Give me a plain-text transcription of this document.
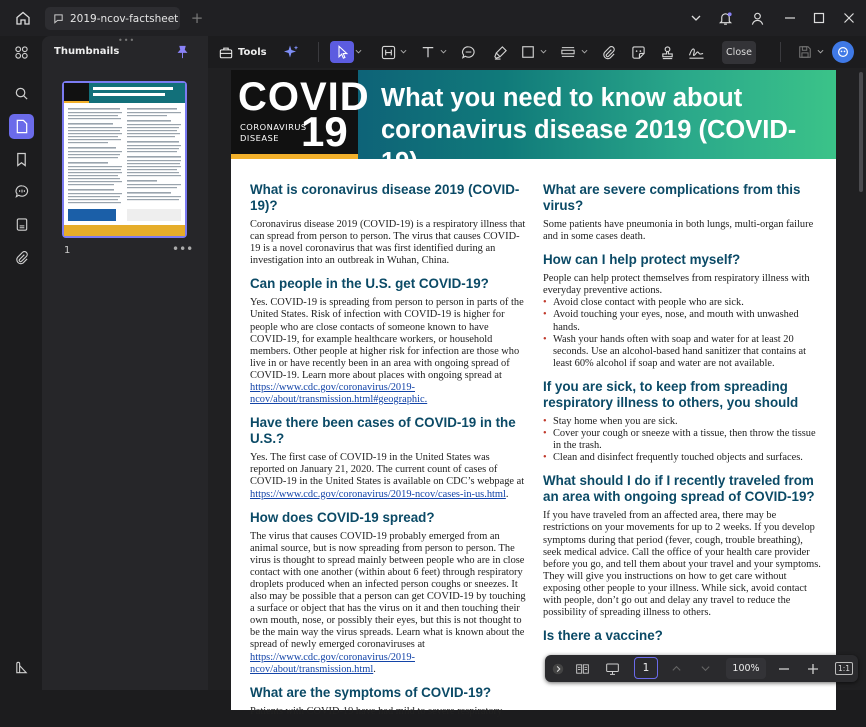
2019-ncov-factsheet +
•••
Thumbnails
1	•••
Tools	Close
COVID
CORONAVIRUS
DISEASE 19
What you need to know about coronavirus disease 2019 (COVID-19)
What is coronavirus disease 2019 (COVID-19)?
Coronavirus disease 2019 (COVID-19) is a respiratory illness that can spread from person to person. The virus that causes COVID-19 is a novel coronavirus that was first identified during an investigation into an outbreak in Wuhan, China.
Can people in the U.S. get COVID-19?
Yes. COVID-19 is spreading from person to person in parts of the United States. Risk of infection with COVID-19 is higher for people who are close contacts of someone known to have COVID-19, for example healthcare workers, or household members. Other people at higher risk for infection are those who live in or have recently been in an area with ongoing spread of COVID-19. Learn more about places with ongoing spread at https://www.cdc.gov/coronavirus/2019-ncov/about/transmission.html#geographic.
Have there been cases of COVID-19 in the U.S.?
Yes. The first case of COVID-19 in the United States was reported on January 21, 2020. The current count of cases of COVID-19 in the United States is available on CDC’s webpage at https://www.cdc.gov/coronavirus/2019-ncov/cases-in-us.html.
How does COVID-19 spread?
The virus that causes COVID-19 probably emerged from an animal source, but is now spreading from person to person. The virus is thought to spread mainly between people who are in close contact with one another (within about 6 feet) through respiratory droplets produced when an infected person coughs or sneezes. It also may be possible that a person can get COVID-19 by touching a surface or object that has the virus on it and then touching their own mouth, nose, or possibly their eyes, but this is not thought to be the main way the virus spreads. Learn what is known about the spread of newly emerged coronaviruses at https://www.cdc.gov/coronavirus/2019-ncov/about/transmission.html.
What are the symptoms of COVID-19?
Patients with COVID-19 have had mild to severe respiratory
What are severe complications from this virus?
Some patients have pneumonia in both lungs, multi-organ failure and in some cases death.
How can I help protect myself?
People can help protect themselves from respiratory illness with everyday preventive actions.
• Avoid close contact with people who are sick.
• Avoid touching your eyes, nose, and mouth with unwashed hands.
• Wash your hands often with soap and water for at least 20 seconds. Use an alcohol-based hand sanitizer that contains at least 60% alcohol if soap and water are not available.
If you are sick, to keep from spreading respiratory illness to others, you should
• Stay home when you are sick.
• Cover your cough or sneeze with a tissue, then throw the tissue in the trash.
• Clean and disinfect frequently touched objects and surfaces.
What should I do if I recently traveled from an area with ongoing spread of COVID-19?
If you have traveled from an affected area, there may be restrictions on your movements for up to 2 weeks. If you develop symptoms during that period (fever, cough, trouble breathing), seek medical advice. Call the office of your health care provider before you go, and tell them about your travel and your symptoms. They will give you instructions on how to get care without exposing other people to your illness. While sick, avoid contact with people, don’t go out and delay any travel to reduce the possibility of spreading illness to others.
Is there a vaccine?
1	100%	1:1
